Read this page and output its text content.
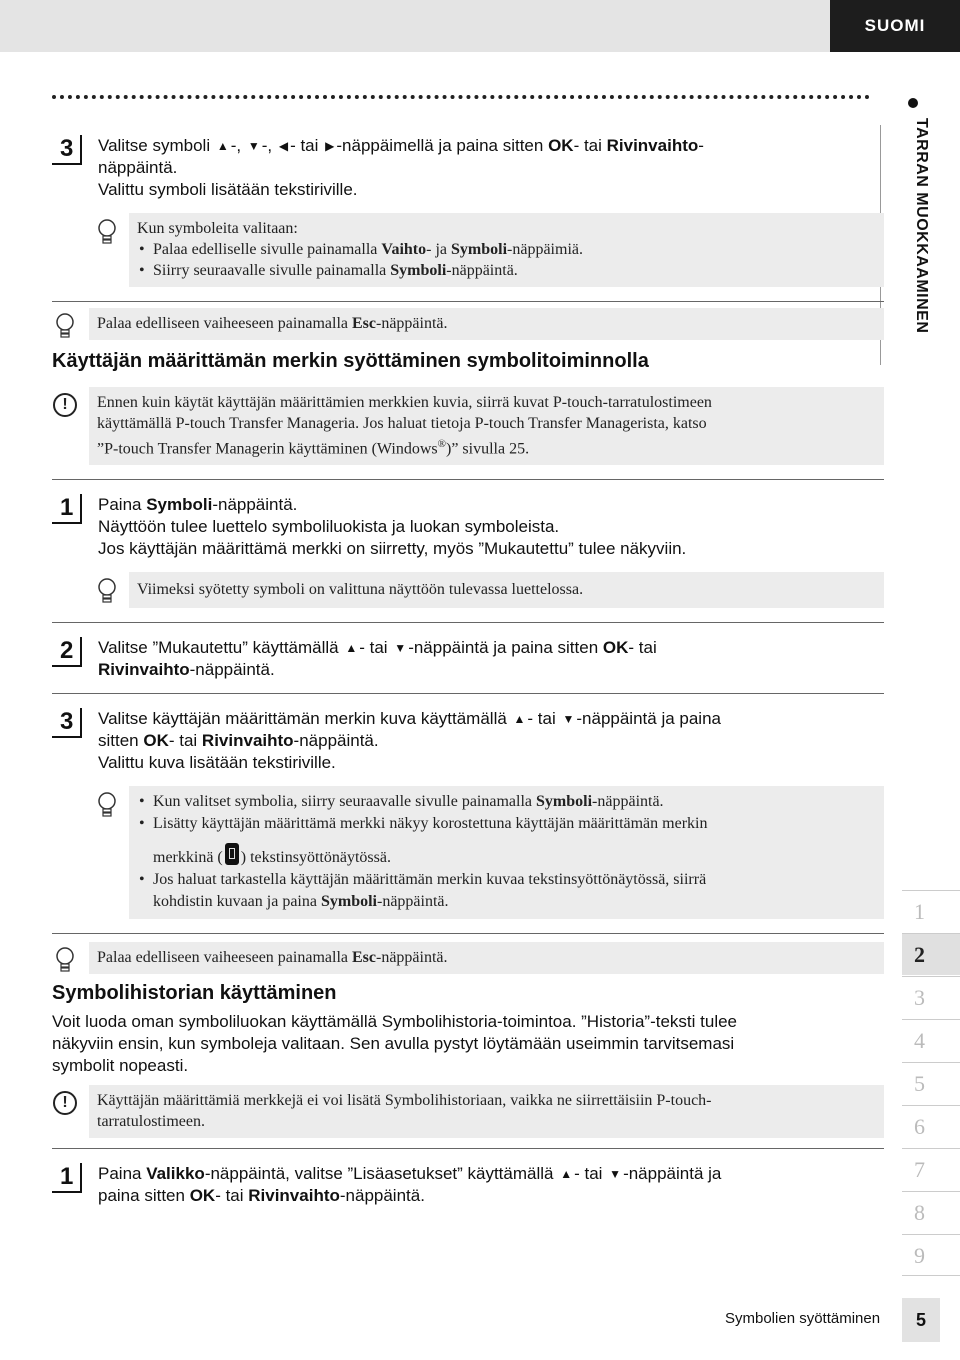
SUOMI
TARRAN MUOKKAAMINEN
3	Valitse symboli ▲ -, ▼ -, ◀ - tai ▶ -näppäimellä ja paina sitten OK- tai Rivinvaihto-
näppäintä.
Valittu symboli lisätään tekstiriville.
Kun symboleita valitaan:
• Palaa edelliselle sivulle painamalla Vaihto- ja Symboli-näppäimiä.
• Siirry seuraavalle sivulle painamalla Symboli-näppäintä.
Palaa edelliseen vaiheeseen painamalla Esc-näppäintä.
Käyttäjän määrittämän merkin syöttäminen symbolitoiminnolla
!	Ennen kuin käytät käyttäjän määrittämien merkkien kuvia, siirrä kuvat P-touch-tarratulostimeen
käyttämällä P-touch Transfer Manageria. Jos haluat tietoja P-touch Transfer Managerista, katso
”P-touch Transfer Managerin käyttäminen (Windows®)” sivulla 25.
1	Paina Symboli-näppäintä.
Näyttöön tulee luettelo symboliluokista ja luokan symboleista.
Jos käyttäjän määrittämä merkki on siirretty, myös ”Mukautettu” tulee näkyviin.
Viimeksi syötetty symboli on valittuna näyttöön tulevassa luettelossa.
2	Valitse ”Mukautettu” käyttämällä ▲ - tai ▼ -näppäintä ja paina sitten OK- tai
Rivinvaihto-näppäintä.
3	Valitse käyttäjän määrittämän merkin kuva käyttämällä ▲ - tai ▼ -näppäintä ja paina
sitten OK- tai Rivinvaihto-näppäintä.
Valittu kuva lisätään tekstiriville.
• Kun valitset symbolia, siirry seuraavalle sivulle painamalla Symboli-näppäintä.
• Lisätty käyttäjän määrittämä merkki näkyy korostettuna käyttäjän määrittämän merkin
merkkinä ( ) tekstinsyöttönäytössä.
• Jos haluat tarkastella käyttäjän määrittämän merkin kuvaa tekstinsyöttönäytössä, siirrä
kohdistin kuvaan ja paina Symboli-näppäintä.
Palaa edelliseen vaiheeseen painamalla Esc-näppäintä.
Symbolihistorian käyttäminen
Voit luoda oman symboliluokan käyttämällä Symbolihistoria-toimintoa. ”Historia”-teksti tulee
näkyviin ensin, kun symboleja valitaan. Sen avulla pystyt löytämään useimmin tarvitsemasi
symbolit nopeasti.
!	Käyttäjän määrittämiä merkkejä ei voi lisätä Symbolihistoriaan, vaikka ne siirrettäisiin P-touch-
tarratulostimeen.
1	Paina Valikko-näppäintä, valitse ”Lisäasetukset” käyttämällä ▲ - tai ▼ -näppäintä ja
paina sitten OK- tai Rivinvaihto-näppäintä.
1
2
3
4
5
6
7
8
9
Symbolien syöttäminen	5
